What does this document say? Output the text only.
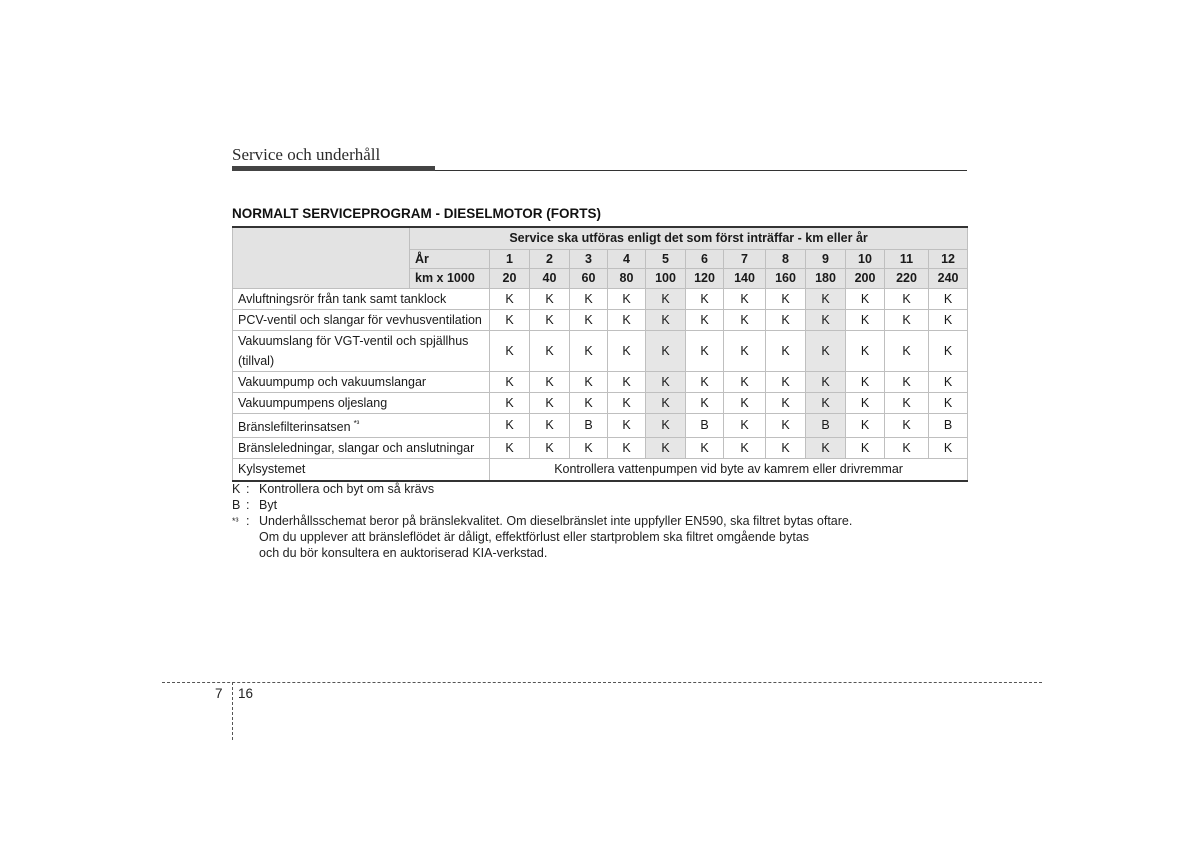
Service och underhåll
NORMALT SERVICEPROGRAM - DIESELMOTOR (FORTS)
	Service ska utföras enligt det som först inträffar - km eller år												
	År	1	2	3	4	5	6	7	8	9	10	11	12
	km x 1000	20	40	60	80	100	120	140	160	180	200	220	240
Avluftningsrör från tank samt tanklock		K	K	K	K	K	K	K	K	K	K	K	K
PCV-ventil och slangar för vevhusventilation		K	K	K	K	K	K	K	K	K	K	K	K
Vakuumslang för VGT-ventil och spjällhus
(tillval)		K	K	K	K	K	K	K	K	K	K	K	K
Vakuumpump och vakuumslangar		K	K	K	K	K	K	K	K	K	K	K	K
Vakuumpumpens oljeslang		K	K	K	K	K	K	K	K	K	K	K	K
Bränslefilterinsatsen $^{*^3}$		K	K	B	K	K	B	K	K	B	K	K	B
Bränsleledningar, slangar och anslutningar		K	K	K	K	K	K	K	K	K	K	K	K
Kylsystemet		Kontrollera vattenpumpen vid byte av kamrem eller drivremmar											
K : Kontrollera och byt om så krävs
B : Byt
*³ : Underhållsschemat beror på bränslekvalitet. Om dieselbränslet inte uppfyller EN590, ska filtret bytas oftare.
Om du upplever att bränsleflödet är dåligt, effektförlust eller startproblem ska filtret omgående bytas
och du bör konsultera en auktoriserad KIA-verkstad.
7 16
